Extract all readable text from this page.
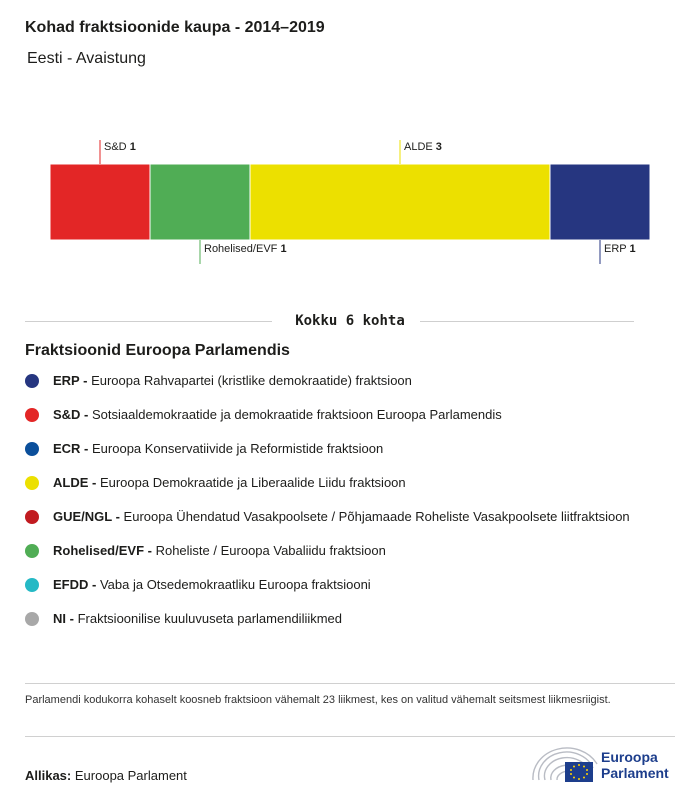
Kohad fraktsioonide kaupa - 2014–2019
Eesti - Avaistung
S&D 1
Rohelised/EVF 1
ALDE 3
ERP 1
Kokku 6 kohta
Fraktsioonid Euroopa Parlamendis
ERP - Euroopa Rahvapartei (kristlike demokraatide) fraktsioon
S&D - Sotsiaaldemokraatide ja demokraatide fraktsioon Euroopa Parlamendis
ECR - Euroopa Konservatiivide ja Reformistide fraktsioon
ALDE - Euroopa Demokraatide ja Liberaalide Liidu fraktsioon
GUE/NGL - Euroopa Ühendatud Vasakpoolsete / Põhjamaade Roheliste Vasakpoolsete liitfraktsioon
Rohelised/EVF - Roheliste / Euroopa Vabaliidu fraktsioon
EFDD - Vaba ja Otsedemokraatliku Euroopa fraktsiooni
NI - Fraktsioonilise kuuluvuseta parlamendiliikmed
Parlamendi kodukorra kohaselt koosneb fraktsioon vähemalt 23 liikmest, kes on valitud vähemalt seitsmest liikmesriigist.
Allikas: Euroopa Parlament
Euroopa
Parlament
